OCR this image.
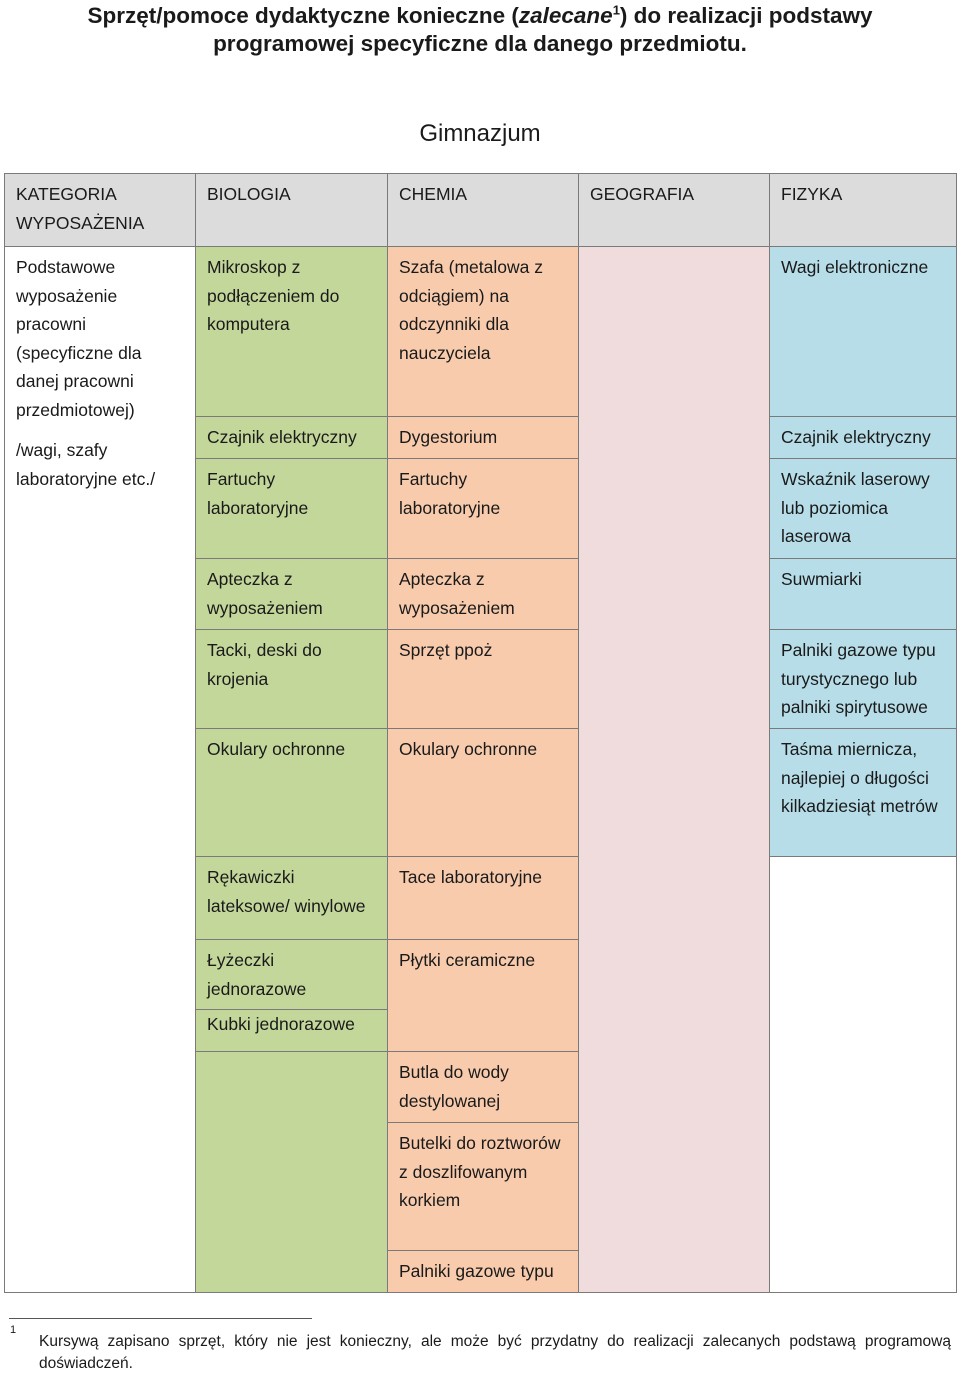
Sprzęt/pomoce dydaktyczne konieczne (zalecane$^1$) do realizacji podstawy
programowej specyficzne dla danego przedmiotu.
Gimnazjum
KATEGORIA WYPOSAŻENIA	BIOLOGIA	CHEMIA	GEOGRAFIA	FIZYKA

Podstawowe wyposażenie pracowni (specyficzne dla danej pracowni przedmiotowej)
/wagi, szafy laboratoryjne etc./	Mikroskop z podłączeniem do komputera	Szafa (metalowa z odciągiem) na odczynniki dla nauczyciela		Wagi elektroniczne
	Czajnik elektryczny	Dygestorium		Czajnik elektryczny
	Fartuchy laboratoryjne	Fartuchy laboratoryjne		Wskaźnik laserowy lub poziomica laserowa
	Apteczka z wyposażeniem	Apteczka z wyposażeniem		Suwmiarki
	Tacki, deski do krojenia	Sprzęt ppoż		Palniki gazowe typu turystycznego lub palniki spirytusowe
	Okulary ochronne	Okulary ochronne		Taśma miernicza, najlepiej o długości kilkadziesiąt metrów
	Rękawiczki lateksowe/ winylowe	Tace laboratoryjne		
	Łyżeczki jednorazowe	Płytki ceramiczne		
	Kubki jednorazowe			
		Butla do wody destylowanej		
		Butelki do roztworów z doszlifowanym korkiem		
		Palniki gazowe typu		
1
Kursywą zapisano sprzęt, który nie jest konieczny, ale może być przydatny do realizacji zalecanych podstawą programową doświadczeń.
